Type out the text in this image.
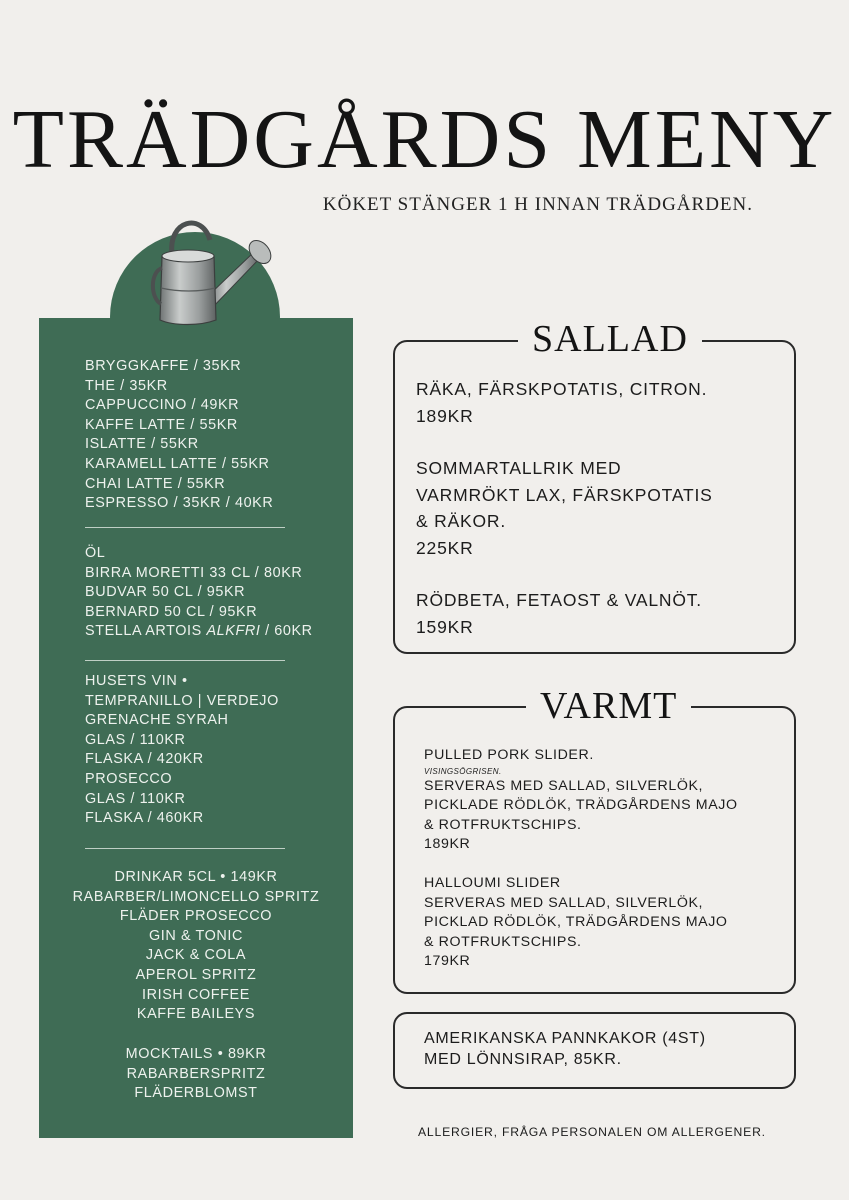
TRÄDGÅRDS MENY
KÖKET STÄNGER 1 H INNAN TRÄDGÅRDEN.
BRYGGKAFFE / 35KR
THE / 35KR
CAPPUCCINO / 49KR
KAFFE LATTE / 55KR
ISLATTE / 55KR
KARAMELL LATTE / 55KR
CHAI LATTE / 55KR
ESPRESSO / 35KR / 40KR
ÖL
BIRRA MORETTI 33 CL / 80KR
BUDVAR 50 CL / 95KR
BERNARD 50 CL / 95KR
STELLA ARTOIS ALKFRI / 60KR
HUSETS VIN •
TEMPRANILLO | VERDEJO
GRENACHE SYRAH
GLAS / 110KR
FLASKA / 420KR
PROSECCO
GLAS / 110KR
FLASKA / 460KR
DRINKAR 5CL • 149KR
RABARBER/LIMONCELLO SPRITZ
FLÄDER PROSECCO
GIN & TONIC
JACK & COLA
APEROL SPRITZ
IRISH COFFEE
KAFFE BAILEYS
MOCKTAILS • 89KR
RABARBERSPRITZ
FLÄDERBLOMST
SALLAD
RÄKA, FÄRSKPOTATIS, CITRON.
189KR
SOMMARTALLRIK MED
VARMRÖKT LAX, FÄRSKPOTATIS
& RÄKOR.
225KR
RÖDBETA, FETAOST & VALNÖT.
159KR
VARMT
PULLED PORK SLIDER.
VISINGSÖGRISEN.
SERVERAS MED SALLAD, SILVERLÖK,
PICKLADE RÖDLÖK, TRÄDGÅRDENS MAJO
& ROTFRUKTSCHIPS.
189KR
HALLOUMI SLIDER
SERVERAS MED SALLAD, SILVERLÖK,
PICKLAD RÖDLÖK, TRÄDGÅRDENS MAJO
& ROTFRUKTSCHIPS.
179KR
AMERIKANSKA PANNKAKOR (4ST)
MED LÖNNSIRAP, 85KR.
ALLERGIER, FRÅGA PERSONALEN OM ALLERGENER.
